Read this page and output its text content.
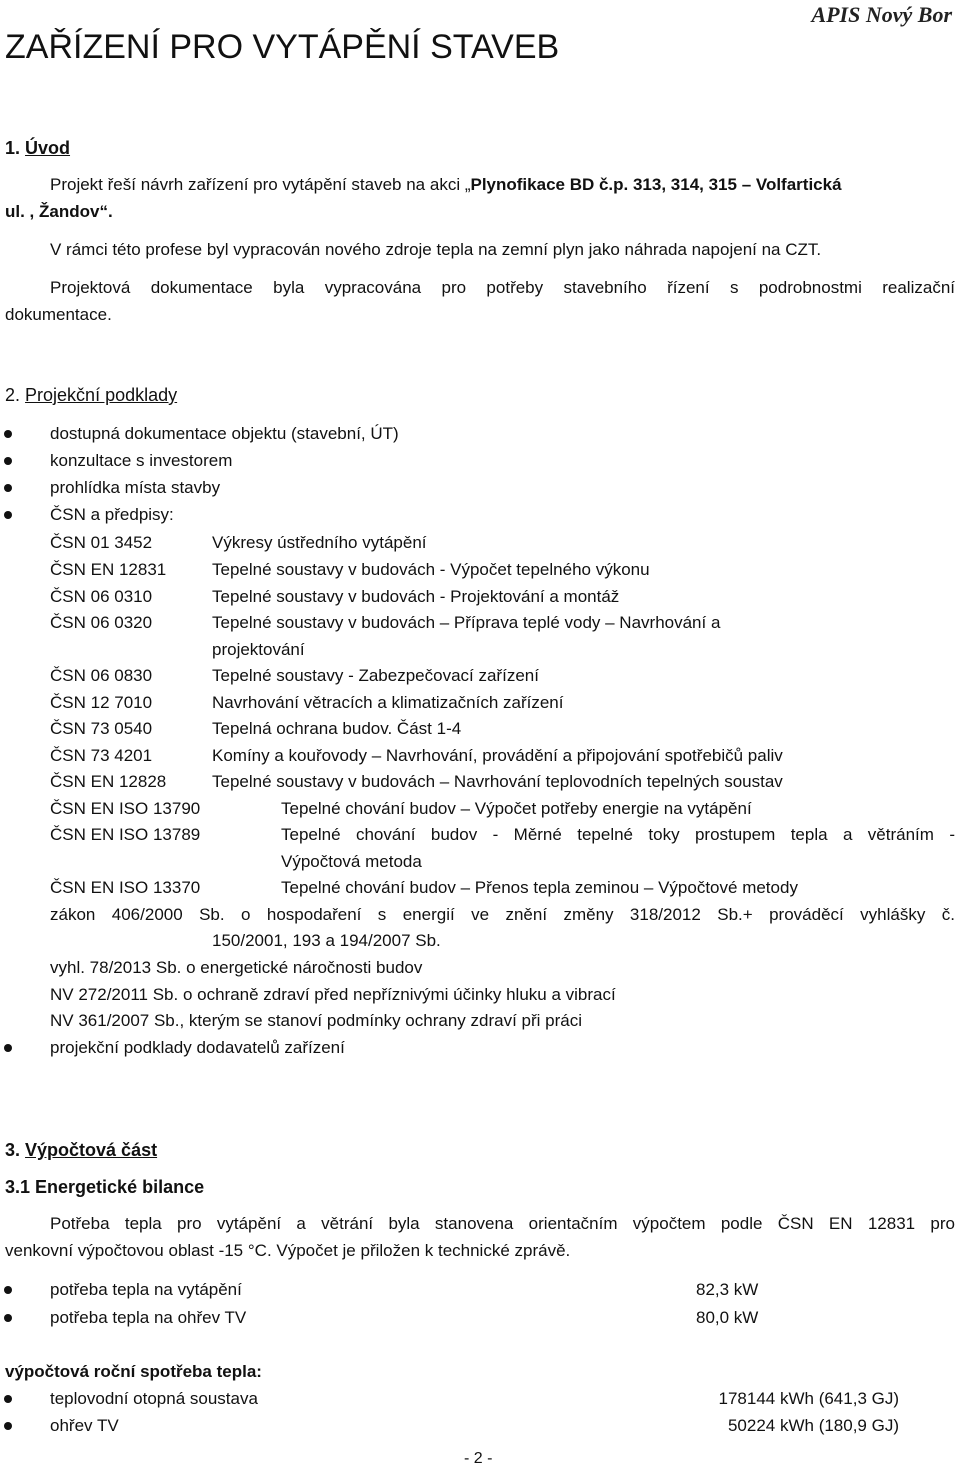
APIS Nový Bor
ZAŘÍZENÍ PRO VYTÁPĚNÍ STAVEB
1. Úvod
Projekt řeší návrh zařízení pro vytápění staveb na akci „Plynofikace BD č.p. 313, 314, 315 – Volfartická
ul. , Žandov“.
V rámci této profese byl vypracován nového zdroje tepla na zemní plyn jako náhrada napojení na CZT.
Projektová dokumentace byla vypracována pro potřeby stavebního řízení s podrobnostmi realizační
dokumentace.
2. Projekční podklady
dostupná dokumentace objektu (stavební, ÚT)
konzultace s investorem
prohlídka místa stavby
ČSN a předpisy:
ČSN 01 3452	Výkresy ústředního vytápění
ČSN EN 12831	Tepelné soustavy v budovách - Výpočet tepelného výkonu
ČSN 06 0310	Tepelné soustavy v budovách - Projektování a montáž
ČSN 06 0320	Tepelné soustavy v budovách – Příprava teplé vody – Navrhování a
projektování
ČSN 06 0830	Tepelné soustavy - Zabezpečovací zařízení
ČSN 12 7010	Navrhování větracích a klimatizačních zařízení
ČSN 73 0540	Tepelná ochrana budov. Část 1-4
ČSN 73 4201	Komíny a kouřovody – Navrhování, provádění a připojování spotřebičů paliv
ČSN EN 12828	Tepelné soustavy v budovách – Navrhování teplovodních tepelných soustav
ČSN EN ISO 13790	Tepelné chování budov – Výpočet potřeby energie na vytápění
ČSN EN ISO 13789	Tepelné chování budov - Měrné tepelné toky prostupem tepla a větráním -
Výpočtová metoda
ČSN EN ISO 13370	Tepelné chování budov – Přenos tepla zeminou – Výpočtové metody
zákon 406/2000 Sb. o hospodaření s energií ve znění změny 318/2012 Sb.+ prováděcí vyhlášky č.
150/2001, 193 a 194/2007 Sb.
vyhl. 78/2013 Sb. o energetické náročnosti budov
NV 272/2011 Sb. o ochraně zdraví před nepříznivými účinky hluku a vibrací
NV 361/2007 Sb., kterým se stanoví podmínky ochrany zdraví při práci
projekční podklady dodavatelů zařízení
3. Výpočtová část
3.1 Energetické bilance
Potřeba tepla pro vytápění a větrání byla stanovena orientačním výpočtem podle ČSN EN 12831 pro
venkovní výpočtovou oblast -15 °C. Výpočet je přiložen k technické zprávě.
potřeba tepla na vytápění	82,3 kW
potřeba tepla na ohřev TV	80,0 kW
výpočtová roční spotřeba tepla:
teplovodní otopná soustava	178144 kWh (641,3 GJ)
ohřev TV	50224 kWh (180,9 GJ)
- 2 -
